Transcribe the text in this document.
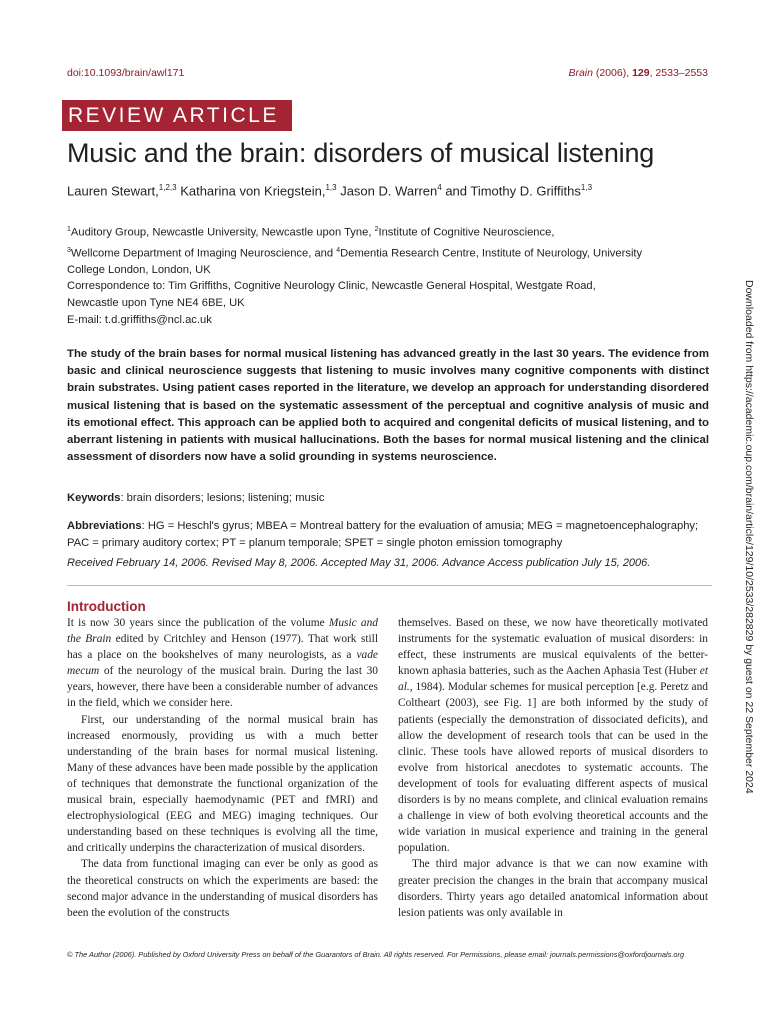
doi:10.1093/brain/awl171	Brain (2006), 129, 2533–2553
REVIEW ARTICLE
Music and the brain: disorders of musical listening
Lauren Stewart,$^{1,2,3}$ Katharina von Kriegstein,$^{1,3}$ Jason D. Warren$^4$ and Timothy D. Griffiths$^{1,3}$
$^1$Auditory Group, Newcastle University, Newcastle upon Tyne, $^2$Institute of Cognitive Neuroscience,
$^3$Wellcome Department of Imaging Neuroscience, and $^4$Dementia Research Centre, Institute of Neurology, University
College London, London, UK
Correspondence to: Tim Griffiths, Cognitive Neurology Clinic, Newcastle General Hospital, Westgate Road,
Newcastle upon Tyne NE4 6BE, UK
E-mail: t.d.griffiths@ncl.ac.uk
The study of the brain bases for normal musical listening has advanced greatly in the last 30 years. The evidence from basic and clinical neuroscience suggests that listening to music involves many cognitive components with distinct brain substrates. Using patient cases reported in the literature, we develop an approach for understanding disordered musical listening that is based on the systematic assessment of the perceptual and cognitive analysis of music and its emotional effect. This approach can be applied both to acquired and congenital deficits of musical listening, and to aberrant listening in patients with musical hallucinations. Both the bases for normal musical listening and the clinical assessment of disorders now have a solid grounding in systems neuroscience.
Keywords: brain disorders; lesions; listening; music
Abbreviations: HG = Heschl's gyrus; MBEA = Montreal battery for the evaluation of amusia; MEG = magnetoencephalography;
PAC = primary auditory cortex; PT = planum temporale; SPET = single photon emission tomography
Received February 14, 2006. Revised May 8, 2006. Accepted May 31, 2006. Advance Access publication July 15, 2006.
Introduction

It is now 30 years since the publication of the volume Music and the Brain edited by Critchley and Henson (1977). That work still has a place on the bookshelves of many neurologists, as a vade mecum of the neurology of the musical brain. During the last 30 years, however, there have been a considerable number of advances in the field, which we consider here.

First, our understanding of the normal musical brain has increased enormously, providing us with a much better understanding of the brain bases for normal musical listening. Many of these advances have been made possible by the application of techniques that demonstrate the functional organization of the musical brain, especially haemodynamic (PET and fMRI) and electrophysiological (EEG and MEG) imaging techniques. Our understanding based on these techniques is evolving all the time, and critically underpins the characterization of musical disorders.

The data from functional imaging can ever be only as good as the theoretical constructs on which the experiments are based: the second major advance in the understanding of musical disorders has been the evolution of the constructs

themselves. Based on these, we now have theoretically motivated instruments for the systematic evaluation of musical disorders: in effect, these instruments are musical equivalents of the better-known aphasia batteries, such as the Aachen Aphasia Test (Huber et al., 1984). Modular schemes for musical perception [e.g. Peretz and Coltheart (2003), see Fig. 1] are both informed by the study of patients (especially the demonstration of dissociated deficits), and allow the development of research tools that can be used in the clinic. These tools have allowed reports of musical disorders to evolve from historical anecdotes to systematic accounts. The development of tools for evaluating different aspects of musical disorders is by no means complete, and clinical evaluation remains a challenge in view of both evolving theoretical accounts and the wide variation in musical experience and training in the general population.

The third major advance is that we can now examine with greater precision the changes in the brain that accompany musical disorders. Thirty years ago detailed anatomical information about lesion patients was only available in

© The Author (2006). Published by Oxford University Press on behalf of the Guarantors of Brain. All rights reserved. For Permissions, please email: journals.permissions@oxfordjournals.org
Downloaded from https://academic.oup.com/brain/article/129/10/2533/282829 by guest on 22 September 2024
